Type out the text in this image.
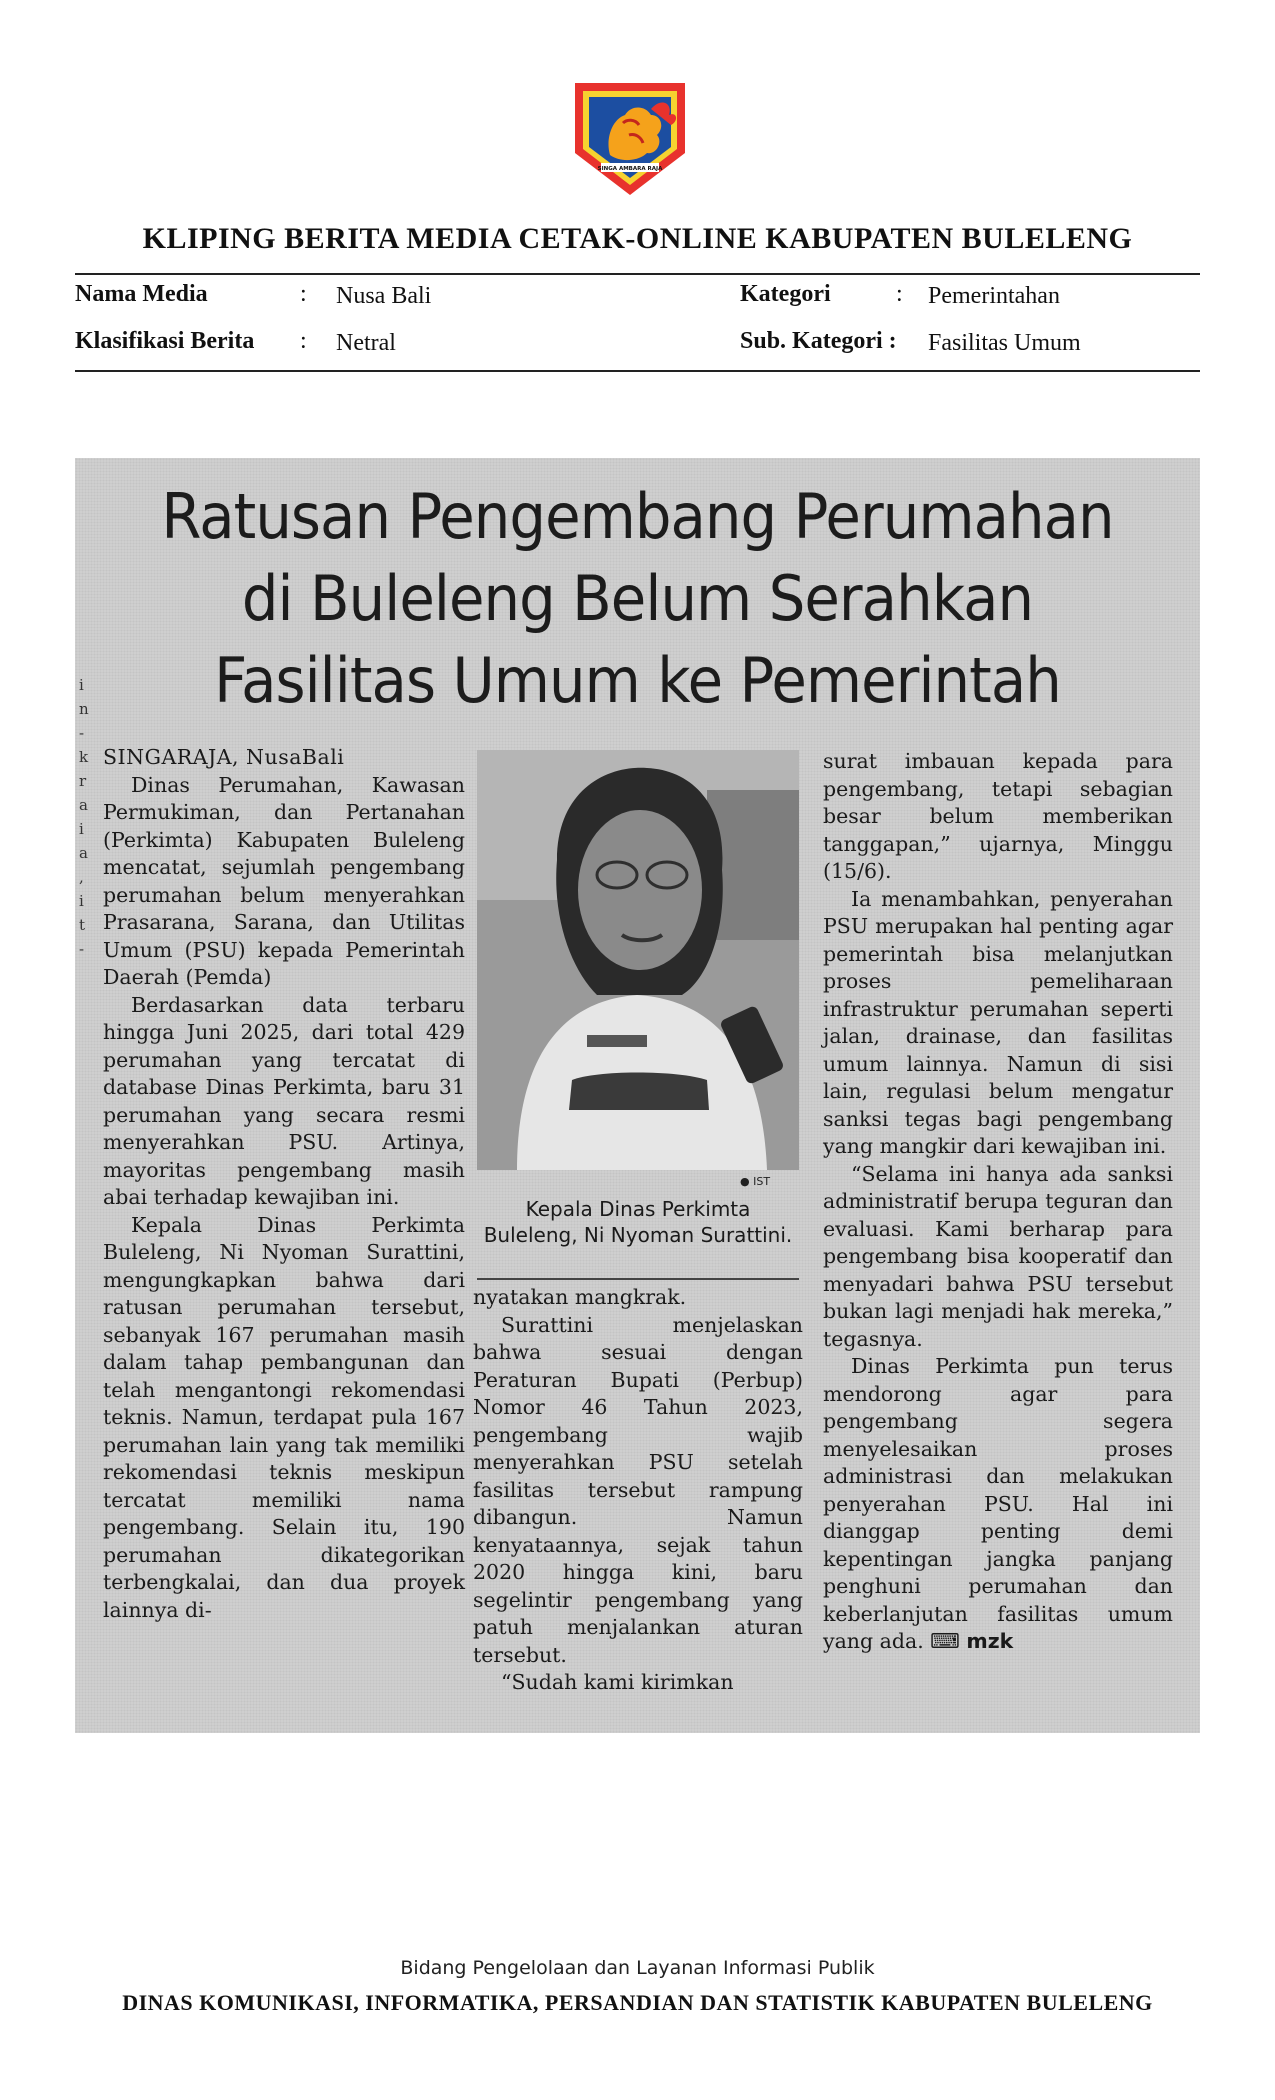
SINGA AMBARA RAJA
KLIPING BERITA MEDIA CETAK-ONLINE KABUPATEN BULELENG
Nama Media	: Nusa Bali	Kategori	: Pemerintahan
Klasifikasi Berita : Netral	Sub. Kategori : Fasilitas Umum
Ratusan Pengembang Perumahan
di Buleleng Belum Serahkan
Fasilitas Umum ke Pemerintah
i n - k r a i a , i t -

SINGARAJA, NusaBali

Dinas Perumahan, Kawasan Permukiman, dan Pertanahan (Perkimta) Kabupaten Buleleng mencatat, sejumlah pengembang perumahan belum menyerahkan Prasarana, Sarana, dan Utilitas Umum (PSU) kepada Pemerintah Daerah (Pemda)

Berdasarkan data terbaru hingga Juni 2025, dari total 429 perumahan yang tercatat di database Dinas Perkimta, baru 31 perumahan yang secara resmi menyerahkan PSU. Artinya, mayoritas pengembang masih abai terhadap kewajiban ini.

Kepala Dinas Perkimta Buleleng, Ni Nyoman Surattini, mengungkapkan bahwa dari ratusan perumahan tersebut, sebanyak 167 perumahan masih dalam tahap pembangunan dan telah mengantongi rekomendasi teknis. Namun, terdapat pula 167 perumahan lain yang tak memiliki rekomendasi teknis meskipun tercatat memiliki nama pengembang. Selain itu, 190 perumahan dikategorikan terbengkalai, dan dua proyek lainnya di-

● IST
Kepala Dinas Perkimta Buleleng, Ni Nyoman Surattini.

nyatakan mangkrak.

Surattini menjelaskan bahwa sesuai dengan Peraturan Bupati (Perbup) Nomor 46 Tahun 2023, pengembang wajib menyerahkan PSU setelah fasilitas tersebut rampung dibangun. Namun kenyataannya, sejak tahun 2020 hingga kini, baru segelintir pengembang yang patuh menjalankan aturan tersebut.

“Sudah kami kirimkan

surat imbauan kepada para pengembang, tetapi sebagian besar belum memberikan tanggapan,” ujarnya, Minggu (15/6).

Ia menambahkan, penyerahan PSU merupakan hal penting agar pemerintah bisa melanjutkan proses pemeliharaan infrastruktur perumahan seperti jalan, drainase, dan fasilitas umum lainnya. Namun di sisi lain, regulasi belum mengatur sanksi tegas bagi pengembang yang mangkir dari kewajiban ini.

“Selama ini hanya ada sanksi administratif berupa teguran dan evaluasi. Kami berharap para pengembang bisa kooperatif dan menyadari bahwa PSU tersebut bukan lagi menjadi hak mereka,” tegasnya.

Dinas Perkimta pun terus mendorong agar para pengembang segera menyelesaikan proses administrasi dan melakukan penyerahan PSU. Hal ini dianggap penting demi kepentingan jangka panjang penghuni perumahan dan keberlanjutan fasilitas umum yang ada. ⌨ mzk

Bidang Pengelolaan dan Layanan Informasi Publik
DINAS KOMUNIKASI, INFORMATIKA, PERSANDIAN DAN STATISTIK KABUPATEN BULELENG
